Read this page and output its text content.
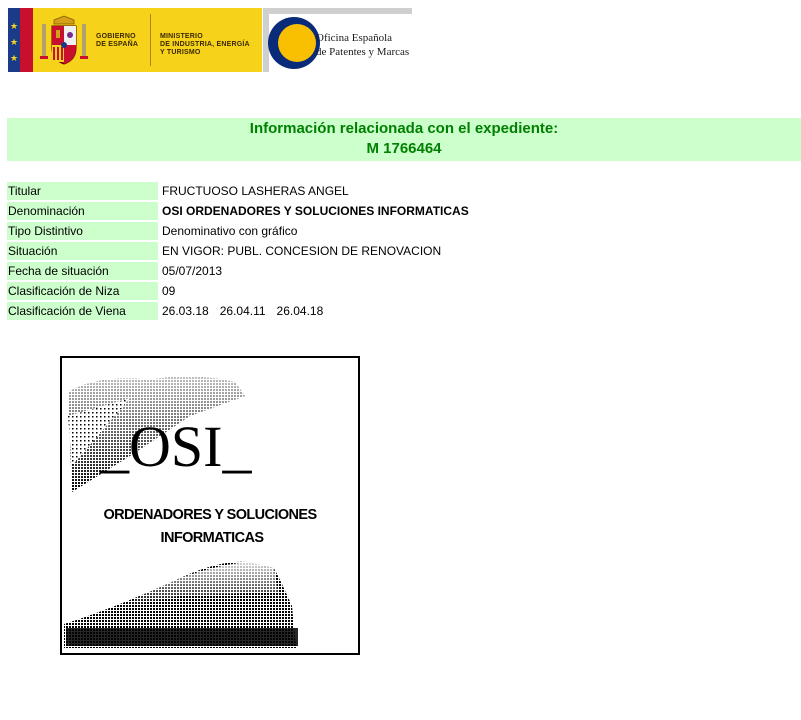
★
★
★
GOBIERNO
DE ESPAÑA
MINISTERIO
DE INDUSTRIA, ENERGÍA
Y TURISMO
Oficina Española
de Patentes y Marcas
Información relacionada con el expediente:
M 1766464
Titular	FRUCTUOSO LASHERAS ANGEL
Denominación	OSI ORDENADORES Y SOLUCIONES INFORMATICAS
Tipo Distintivo	Denominativo con gráfico
Situación	EN VIGOR: PUBL. CONCESION DE RENOVACION
Fecha de situación	05/07/2013
Clasificación de Niza	09
Clasificación de Viena	26.03.18 26.04.11 26.04.18
_OSI_
ORDENADORES Y SOLUCIONES
INFORMATICAS
